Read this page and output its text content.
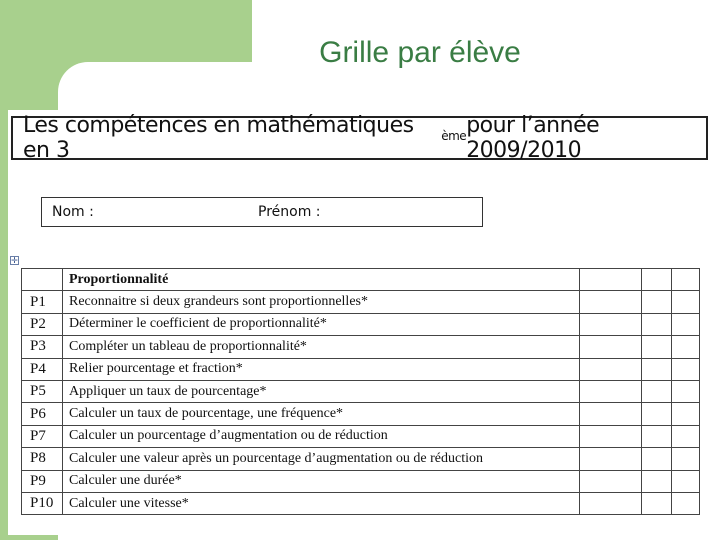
Grille par élève
Les compétences en mathématiques en 3
$^{ème}$ pour l’année 2009/2010
Nom :	Prénom :
✛
	Proportionnalité			
P1	Reconnaitre si deux grandeurs sont proportionnelles*			
P2	Déterminer le coefficient de proportionnalité*			
P3	Compléter un tableau de proportionnalité*			
P4	Relier pourcentage et fraction*			
P5	Appliquer un taux de pourcentage*			
P6	Calculer un taux de pourcentage, une fréquence*			
P7	Calculer un pourcentage d’augmentation ou de réduction			
P8	Calculer une valeur après un pourcentage d’augmentation ou de réduction			
P9	Calculer une durée*			
P10	Calculer une vitesse*			
